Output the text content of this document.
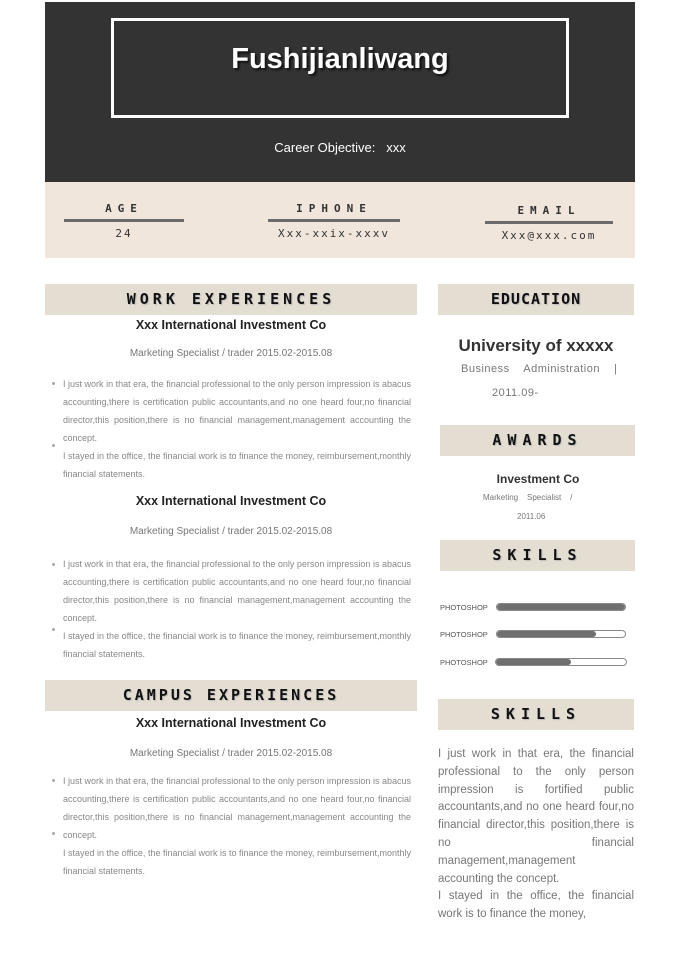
Fushijianliwang
Career Objective:   xxx
AGE
24
IPHONE
Xxx-xxix-xxxv
EMAIL
Xxx@xxx.com
WORK EXPERIENCES
Xxx International Investment Co
Marketing Specialist / trader 2015.02-2015.08

I just work in that era, the financial professional to the only person impression is abacus accounting,there is certification public accountants,and no one heard four,no financial director,this position,there is no financial management,management accounting the concept.

I stayed in the office, the financial work is to finance the money, reimbursement,monthly financial statements.

Xxx International Investment Co
Marketing Specialist / trader 2015.02-2015.08

I just work in that era, the financial professional to the only person impression is abacus accounting,there is certification public accountants,and no one heard four,no financial director,this position,there is no financial management,management accounting the concept.

I stayed in the office, the financial work is to finance the money, reimbursement,monthly financial statements.

CAMPUS EXPERIENCES
Xxx International Investment Co
Marketing Specialist / trader 2015.02-2015.08

I just work in that era, the financial professional to the only person impression is abacus accounting,there is certification public accountants,and no one heard four,no financial director,this position,there is no financial management,management accounting the concept.

I stayed in the office, the financial work is to finance the money, reimbursement,monthly financial statements.

EDUCATION
University of xxxxx
Business    Administration    |
2011.09-
AWARDS
Investment Co
Marketing    Specialist    /
2011.06
SKILLS
PHOTOSHOP
PHOTOSHOP
PHOTOSHOP
SKILLS

I just work in that era, the financial professional to the only person impression is fortified public accountants,and no one heard four,no financial director,this position,there is no financial management,management accounting the concept.

I stayed in the office, the financial work is to finance the money,
